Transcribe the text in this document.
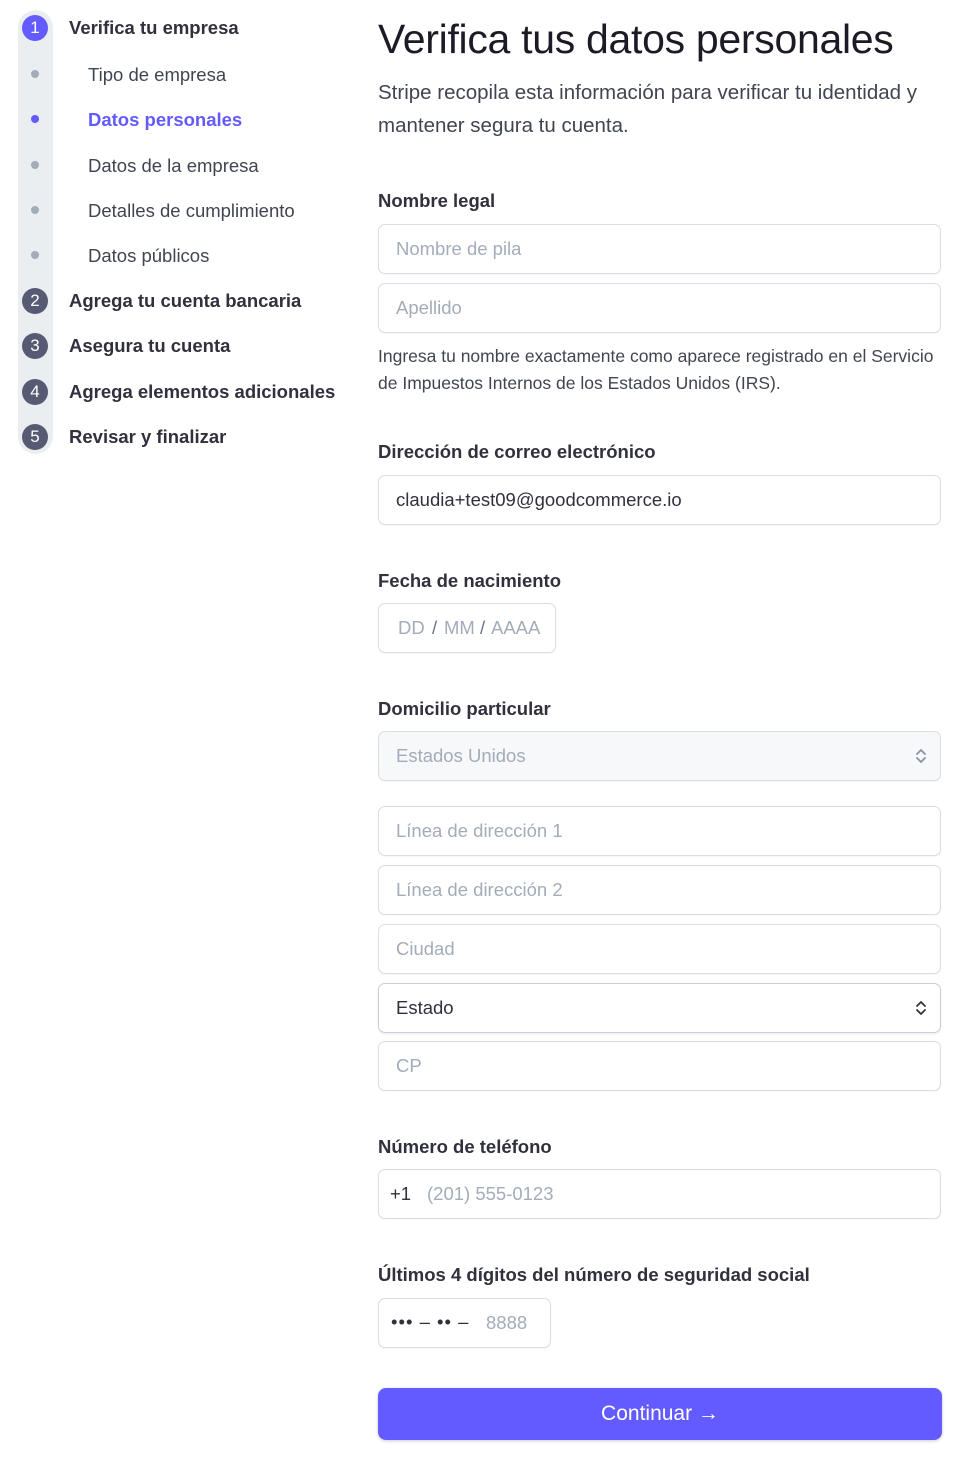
1	Verifica tu empresa
Tipo de empresa
Datos personales
Datos de la empresa
Detalles de cumplimiento
Datos públicos
2	Agrega tu cuenta bancaria
3	Asegura tu cuenta
4	Agrega elementos adicionales
5	Revisar y finalizar
Verifica tus datos personales

Stripe recopila esta información para verificar tu identidad y mantener segura tu cuenta.

Nombre legal
Nombre de pila
Apellido

Ingresa tu nombre exactamente como aparece registrado en el Servicio de Impuestos Internos de los Estados Unidos (IRS).

Dirección de correo electrónico
claudia+test09@goodcommerce.io
Fecha de nacimiento
DD / MM / AAAA
Domicilio particular
Estados Unidos
Línea de dirección 1
Línea de dirección 2
Ciudad
Estado
CP
Número de teléfono
+1 (201) 555-0123
Últimos 4 dígitos del número de seguridad social
••• – •• – 8888
Continuar →
